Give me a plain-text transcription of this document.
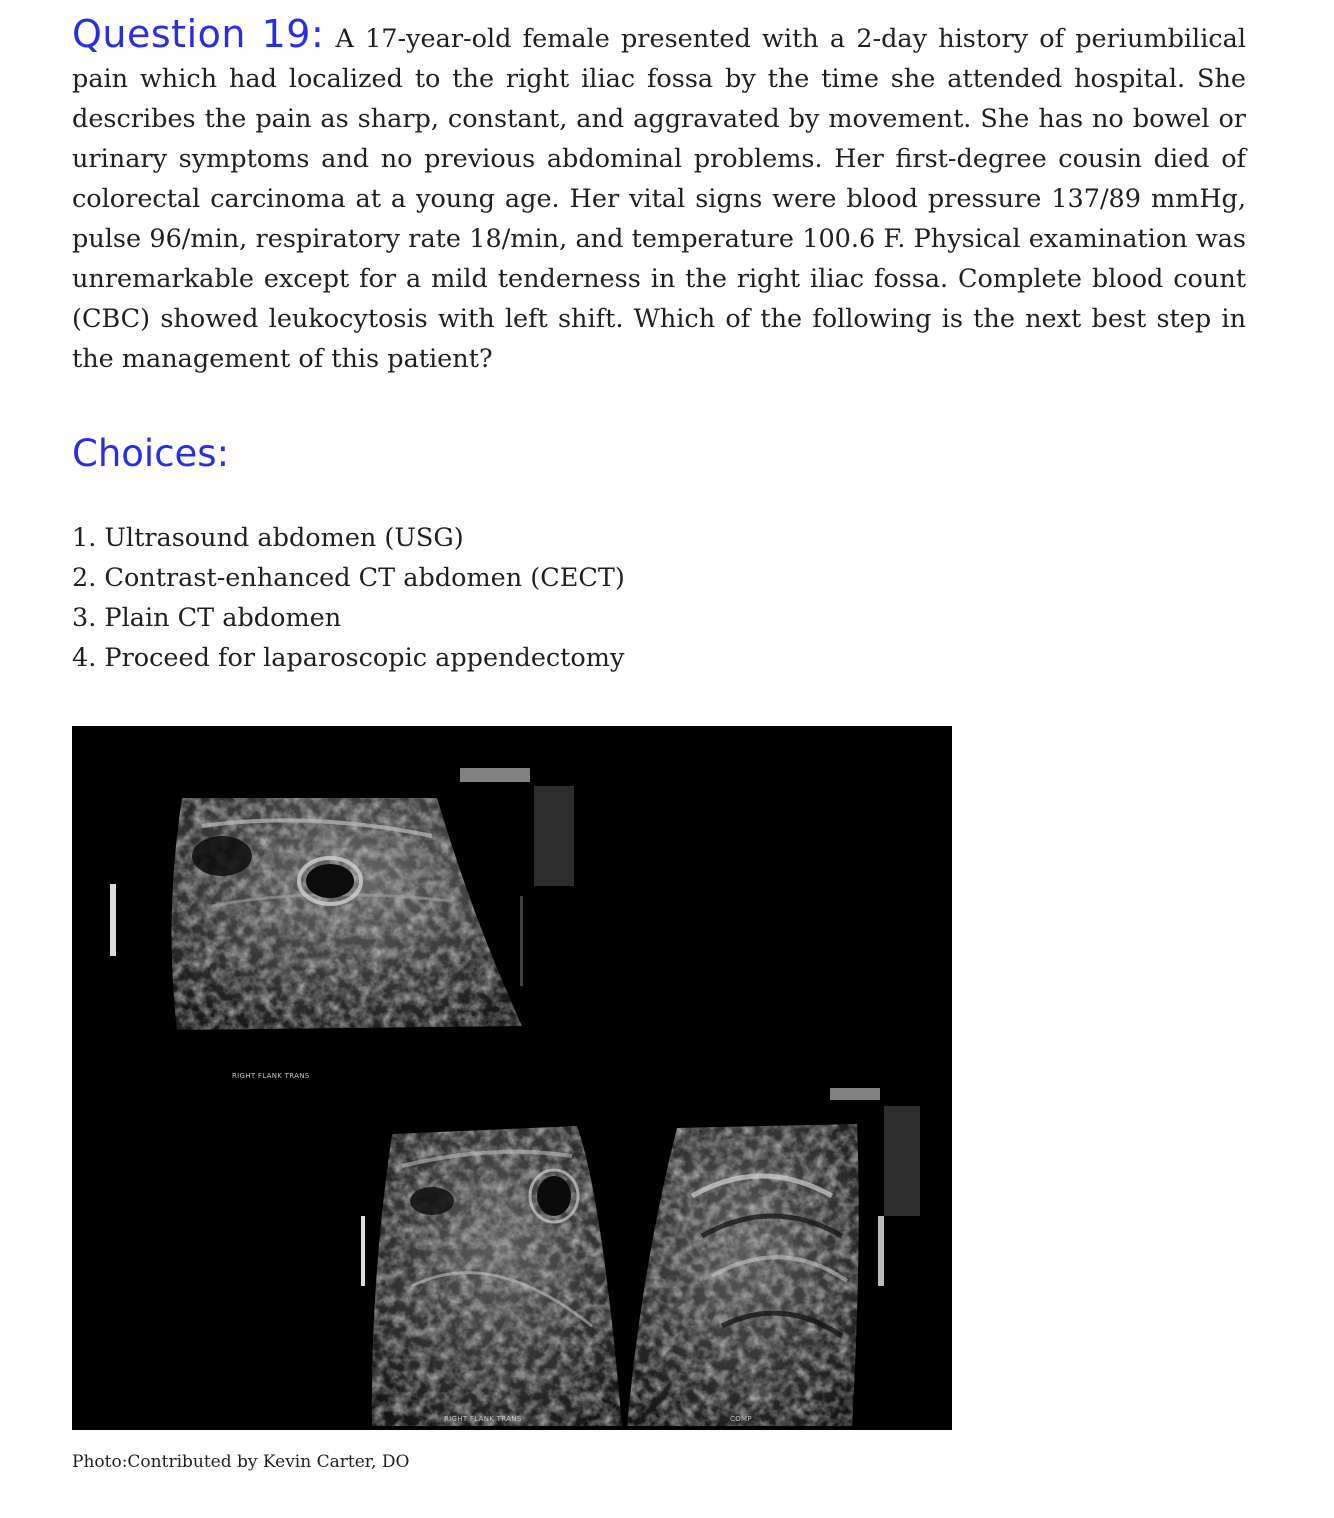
Question 19: A 17-year-old female presented with a 2-day history of periumbilical pain which had localized to the right iliac fossa by the time she attended hospital. She describes the pain as sharp, constant, and aggravated by movement. She has no bowel or urinary symptoms and no previous abdominal problems. Her first-degree cousin died of colorectal carcinoma at a young age. Her vital signs were blood pressure 137/89 mmHg, pulse 96/min, respiratory rate 18/min, and temperature 100.6 F. Physical examination was unremarkable except for a mild tenderness in the right iliac fossa. Complete blood count (CBC) showed leukocytosis with left shift. Which of the following is the next best step in the management of this patient?

Choices:
1. Ultrasound abdomen (USG)
2. Contrast-enhanced CT abdomen (CECT)
3. Plain CT abdomen
4. Proceed for laparoscopic appendectomy
RIGHT FLANK TRANS
RIGHT FLANK TRANS	COMP
Photo:Contributed by Kevin Carter, DO
